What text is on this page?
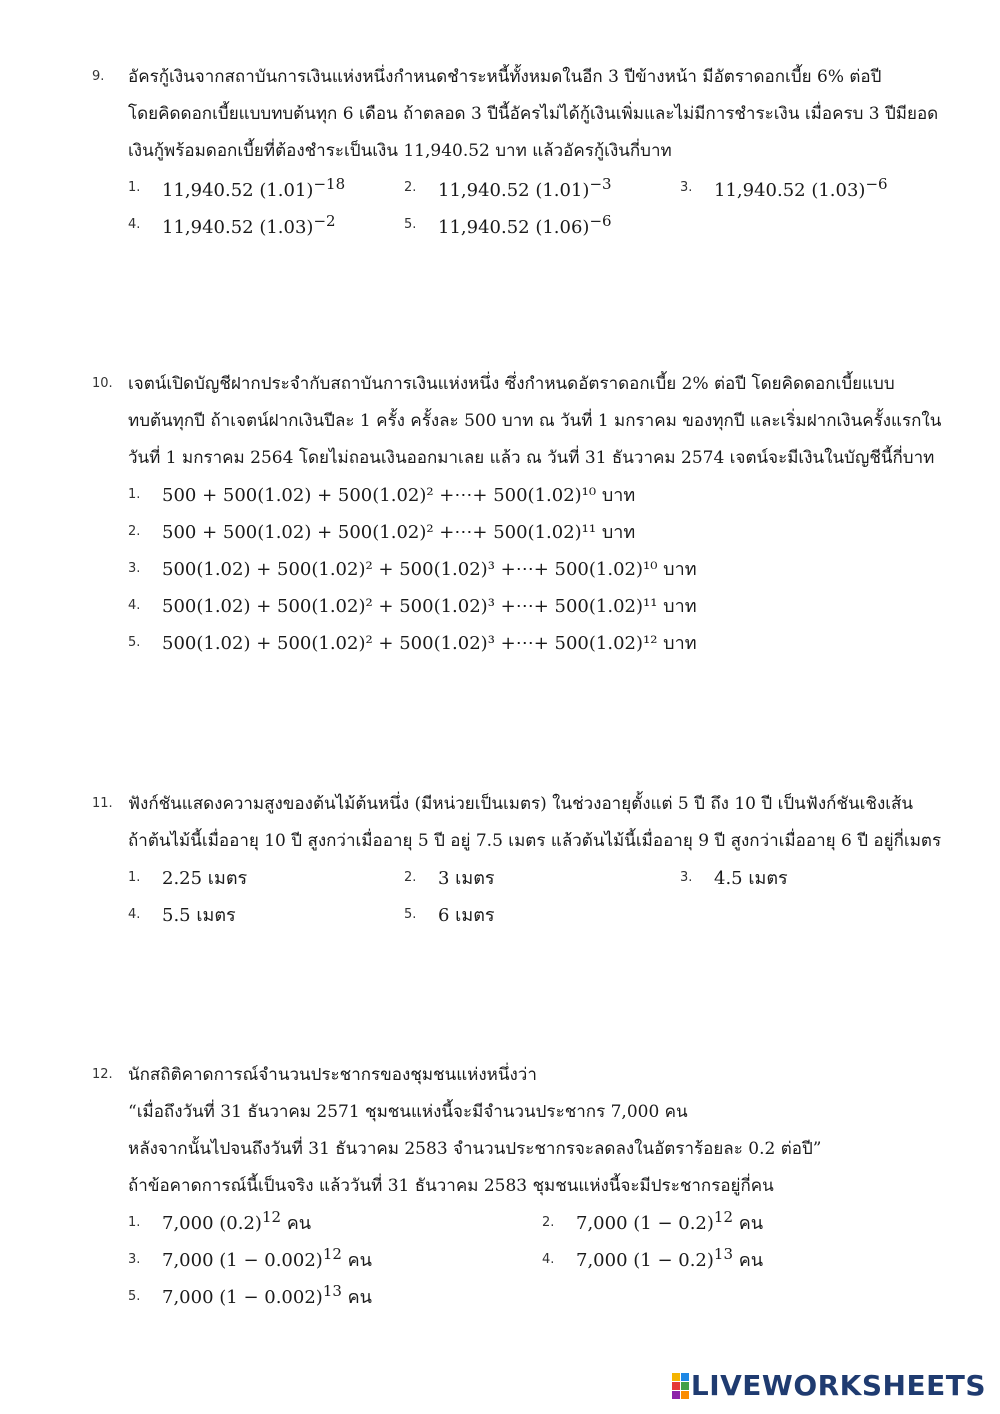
9.	อัครกู้เงินจากสถาบันการเงินแห่งหนึ่งกำหนดชำระหนี้ทั้งหมดในอีก 3 ปีข้างหน้า มีอัตราดอกเบี้ย 6% ต่อปี
โดยคิดดอกเบี้ยแบบทบต้นทุก 6 เดือน ถ้าตลอด 3 ปีนี้อัครไม่ได้กู้เงินเพิ่มและไม่มีการชำระเงิน เมื่อครบ 3 ปีมียอด
เงินกู้พร้อมดอกเบี้ยที่ต้องชำระเป็นเงิน 11,940.52 บาท แล้วอัครกู้เงินกี่บาท
1.	11,940.52 $(1.01)^{-18}$	2.	11,940.52 $(1.01)^{-3}$	3.	11,940.52 $(1.03)^{-6}$
4.	11,940.52 $(1.03)^{-2}$	5.	11,940.52 $(1.06)^{-6}$
10. เจตน์เปิดบัญชีฝากประจำกับสถาบันการเงินแห่งหนึ่ง ซึ่งกำหนดอัตราดอกเบี้ย 2% ต่อปี โดยคิดดอกเบี้ยแบบ
ทบต้นทุกปี ถ้าเจตน์ฝากเงินปีละ 1 ครั้ง ครั้งละ 500 บาท ณ วันที่ 1 มกราคม ของทุกปี และเริ่มฝากเงินครั้งแรกใน
วันที่ 1 มกราคม 2564 โดยไม่ถอนเงินออกมาเลย แล้ว ณ วันที่ 31 ธันวาคม 2574 เจตน์จะมีเงินในบัญชีนี้กี่บาท
1.	500 + 500(1.02) + 500(1.02)² +⋯+ 500(1.02)¹⁰ บาท
2.	500 + 500(1.02) + 500(1.02)² +⋯+ 500(1.02)¹¹ บาท
3.	500(1.02) + 500(1.02)² + 500(1.02)³ +⋯+ 500(1.02)¹⁰ บาท
4.	500(1.02) + 500(1.02)² + 500(1.02)³ +⋯+ 500(1.02)¹¹ บาท
5.	500(1.02) + 500(1.02)² + 500(1.02)³ +⋯+ 500(1.02)¹² บาท
11. ฟังก์ชันแสดงความสูงของต้นไม้ต้นหนึ่ง (มีหน่วยเป็นเมตร) ในช่วงอายุตั้งแต่ 5 ปี ถึง 10 ปี เป็นฟังก์ชันเชิงเส้น
ถ้าต้นไม้นี้เมื่ออายุ 10 ปี สูงกว่าเมื่ออายุ 5 ปี อยู่ 7.5 เมตร แล้วต้นไม้นี้เมื่ออายุ 9 ปี สูงกว่าเมื่ออายุ 6 ปี อยู่กี่เมตร
1.	2.25 เมตร	2.	3 เมตร	3.	4.5 เมตร
4.	5.5 เมตร	5.	6 เมตร
12. นักสถิติคาดการณ์จำนวนประชากรของชุมชนแห่งหนึ่งว่า
“เมื่อถึงวันที่ 31 ธันวาคม 2571 ชุมชนแห่งนี้จะมีจำนวนประชากร 7,000 คน
หลังจากนั้นไปจนถึงวันที่ 31 ธันวาคม 2583 จำนวนประชากรจะลดลงในอัตราร้อยละ 0.2 ต่อปี”
ถ้าข้อคาดการณ์นี้เป็นจริง แล้ววันที่ 31 ธันวาคม 2583 ชุมชนแห่งนี้จะมีประชากรอยู่กี่คน
1.	7,000 $(0.2)^{12}$ คน	2.	7,000 $(1 - 0.2)^{12}$ คน
3.	7,000 $(1 - 0.002)^{12}$ คน	4.	7,000 $(1 - 0.2)^{13}$ คน
5.	7,000 $(1 - 0.002)^{13}$ คน
LIVEWORKSHEETS
